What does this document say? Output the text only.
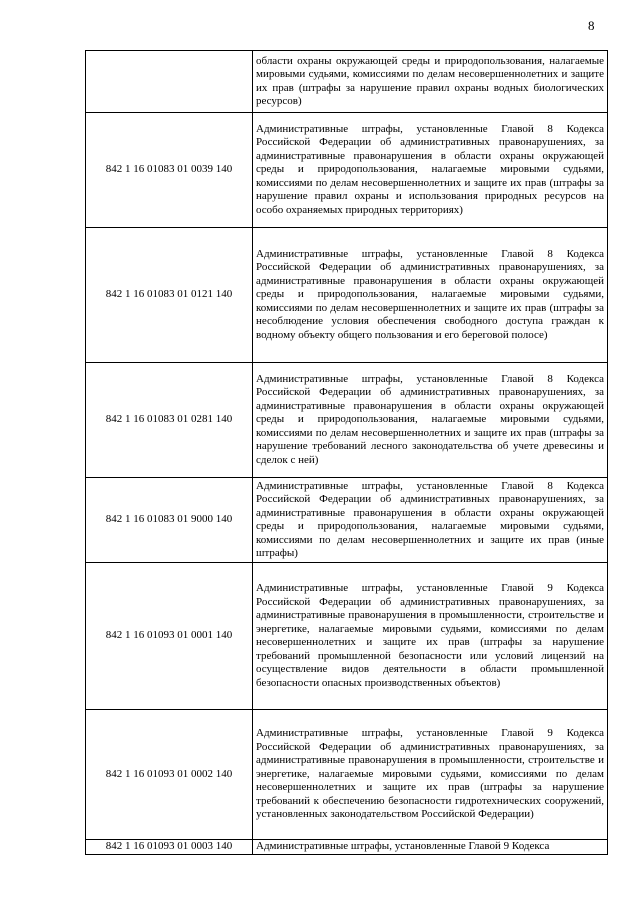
8
	области охраны окружающей среды и природопользования, налагаемые мировыми судьями, комиссиями по делам несовершеннолетних и защите их прав (штрафы за нарушение правил охраны водных биологических ресурсов)
842 1 16 01083 01 0039 140	Административные штрафы, установленные Главой 8 Кодекса Российской Федерации об административных правонарушениях, за административные правонарушения в области охраны окружающей среды и природопользования, налагаемые мировыми судьями, комиссиями по делам несовершеннолетних и защите их прав (штрафы за нарушение правил охраны и использования природных ресурсов на особо охраняемых природных территориях)
842 1 16 01083 01 0121 140	Административные штрафы, установленные Главой 8 Кодекса Российской Федерации об административных правонарушениях, за административные правонарушения в области охраны окружающей среды и природопользования, налагаемые мировыми судьями, комиссиями по делам несовершеннолетних и защите их прав (штрафы за несоблюдение условия обеспечения свободного доступа граждан к водному объекту общего пользования и его береговой полосе)
842 1 16 01083 01 0281 140	Административные штрафы, установленные Главой 8 Кодекса Российской Федерации об административных правонарушениях, за административные правонарушения в области охраны окружающей среды и природопользования, налагаемые мировыми судьями, комиссиями по делам несовершеннолетних и защите их прав (штрафы за нарушение требований лесного законодательства об учете древесины и сделок с ней)
842 1 16 01083 01 9000 140	Административные штрафы, установленные Главой 8 Кодекса Российской Федерации об административных правонарушениях, за административные правонарушения в области охраны окружающей среды и природопользования, налагаемые мировыми судьями, комиссиями по делам несовершеннолетних и защите их прав (иные штрафы)
842 1 16 01093 01 0001 140	Административные штрафы, установленные Главой 9 Кодекса Российской Федерации об административных правонарушениях, за административные правонарушения в промышленности, строительстве и энергетике, налагаемые мировыми судьями, комиссиями по делам несовершеннолетних и защите их прав (штрафы за нарушение требований промышленной безопасности или условий лицензий на осуществление видов деятельности в области промышленной безопасности опасных производственных объектов)
842 1 16 01093 01 0002 140	Административные штрафы, установленные Главой 9 Кодекса Российской Федерации об административных правонарушениях, за административные правонарушения в промышленности, строительстве и энергетике, налагаемые мировыми судьями, комиссиями по делам несовершеннолетних и защите их прав (штрафы за нарушение требований к обеспечению безопасности гидротехнических сооружений, установленных законодательством Российской Федерации)
842 1 16 01093 01 0003 140	Административные штрафы, установленные Главой 9 Кодекса
